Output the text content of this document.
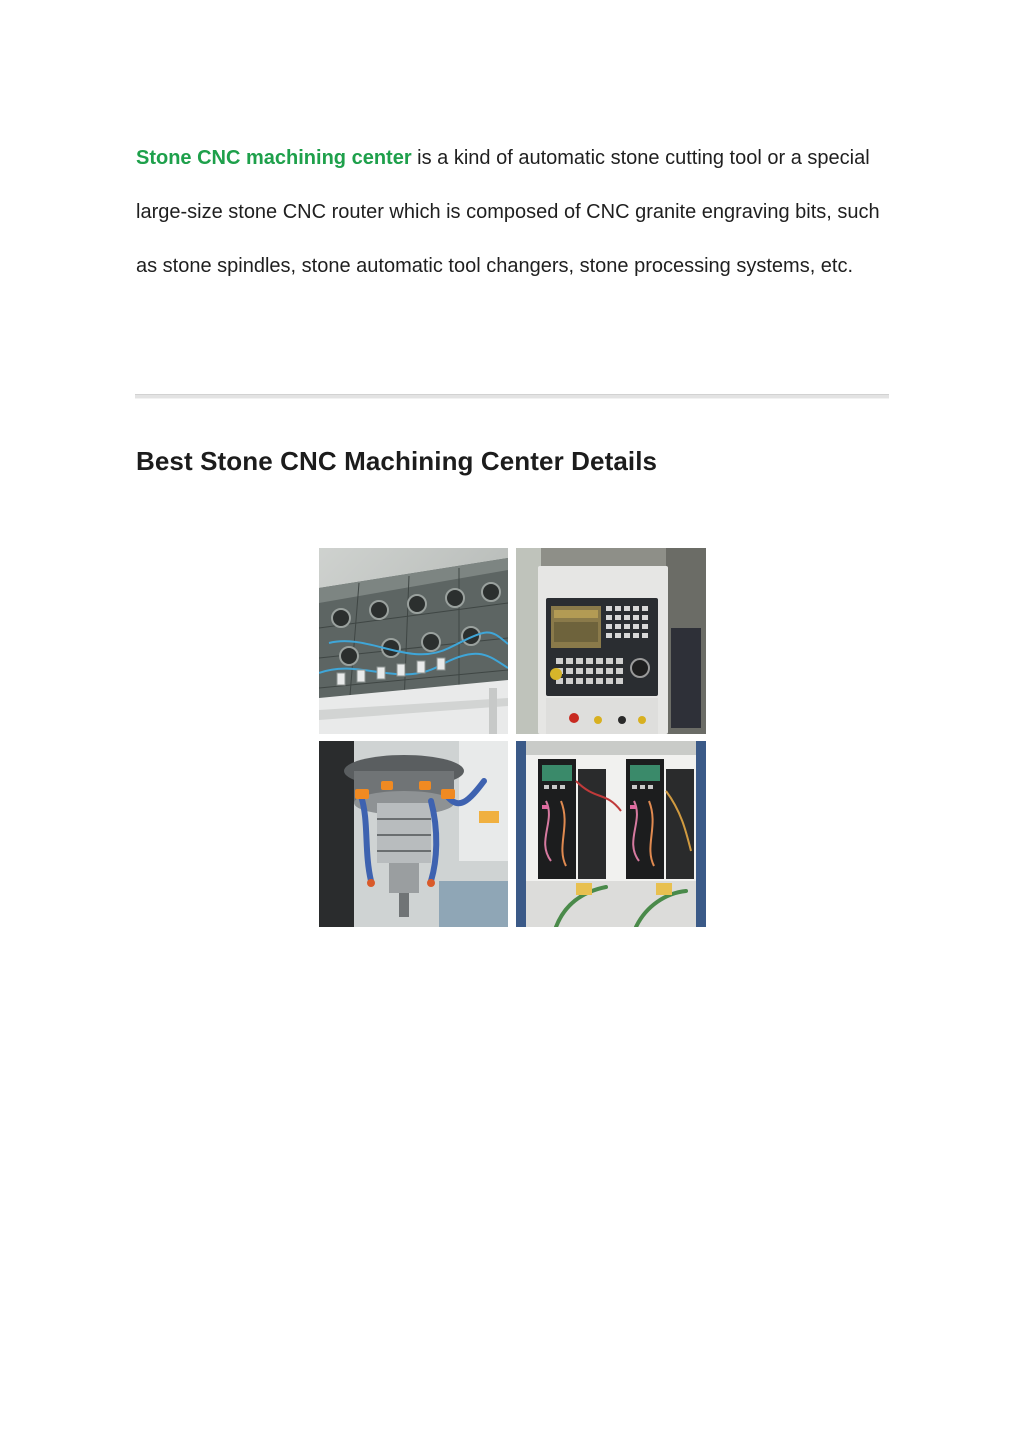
Stone CNC machining center is a kind of automatic stone cutting tool or a special large-size stone CNC router which is composed of CNC granite engraving bits, such as stone spindles, stone automatic tool changers, stone processing systems, etc.

Best Stone CNC Machining Center Details
